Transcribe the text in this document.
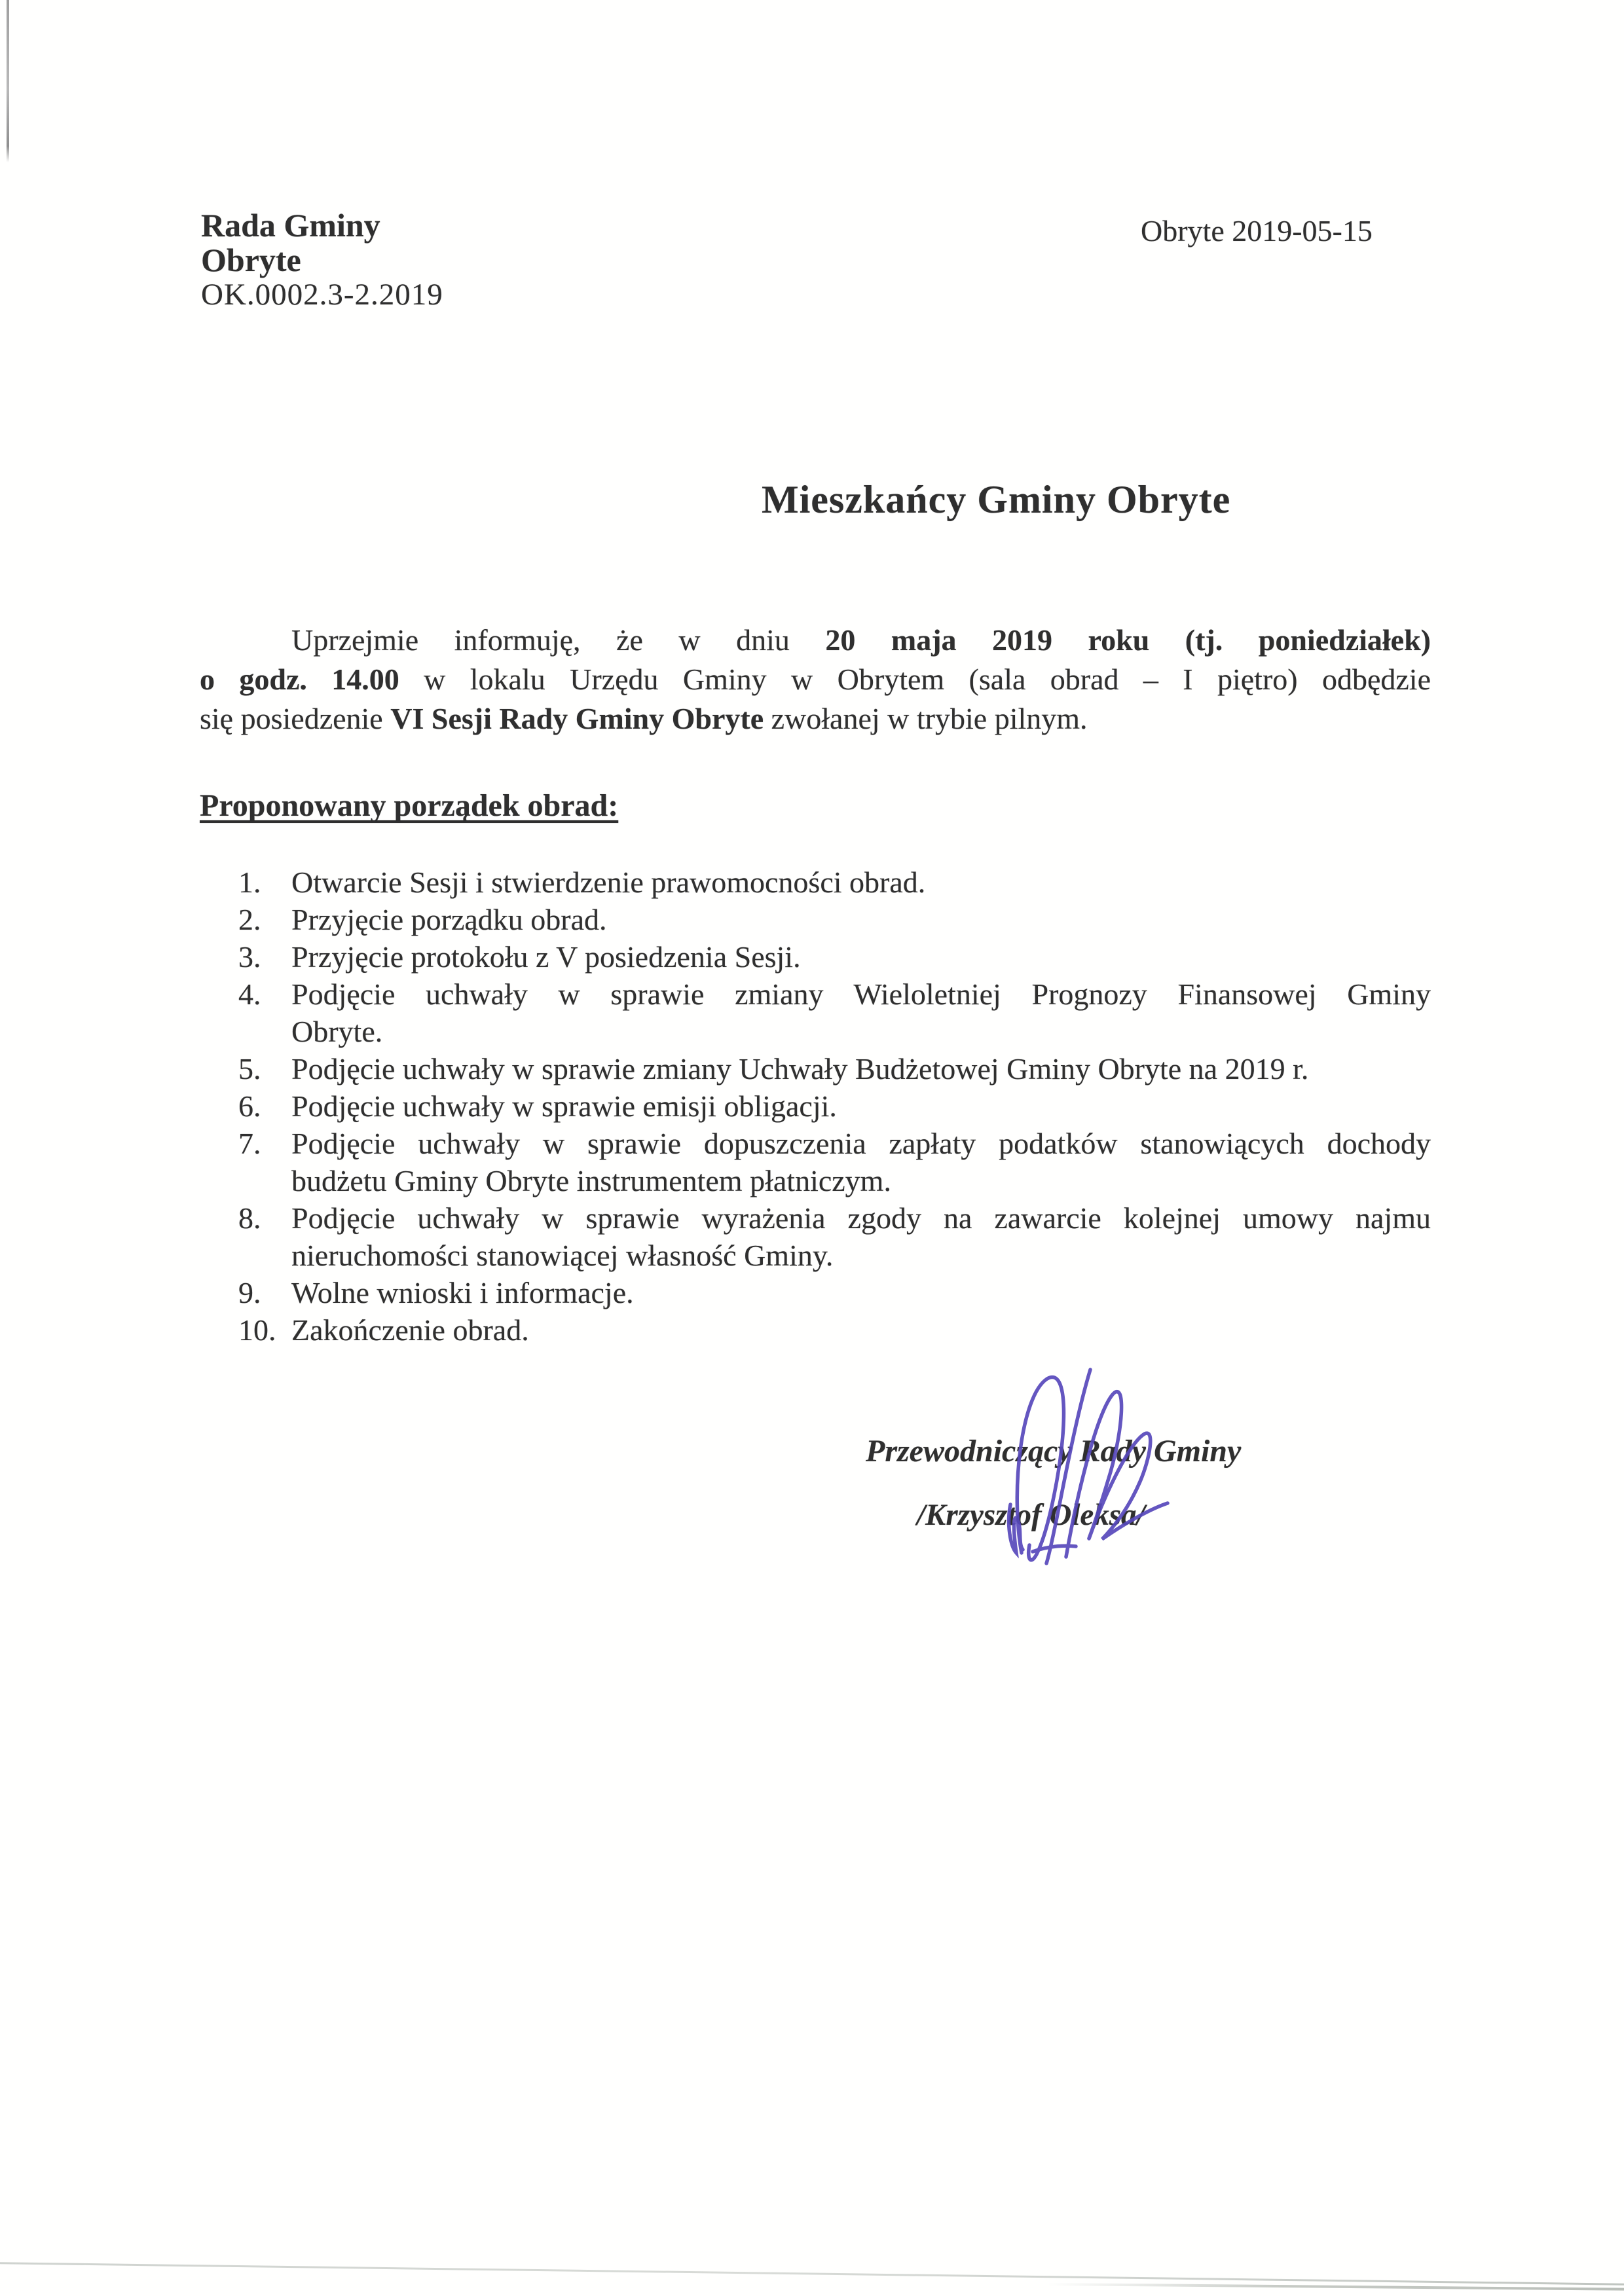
Rada Gminy
Obryte
OK.0002.3-2.2019
Obryte 2019-05-15
Mieszkańcy Gminy Obryte
Uprzejmie informuję, że w dniu 20 maja 2019 roku (tj. poniedziałek)
o godz. 14.00 w lokalu Urzędu Gminy w Obrytem (sala obrad – I piętro) odbędzie
się posiedzenie VI Sesji Rady Gminy Obryte zwołanej w trybie pilnym.
Proponowany porządek obrad:
1. Otwarcie Sesji i stwierdzenie prawomocności obrad.
2. Przyjęcie porządku obrad.
3. Przyjęcie protokołu z V posiedzenia Sesji.
4. Podjęcie uchwały w sprawie zmiany Wieloletniej Prognozy Finansowej Gminy
Obryte.
5. Podjęcie uchwały w sprawie zmiany Uchwały Budżetowej Gminy Obryte na 2019 r.
6. Podjęcie uchwały w sprawie emisji obligacji.
7. Podjęcie uchwały w sprawie dopuszczenia zapłaty podatków stanowiących dochody
budżetu Gminy Obryte instrumentem płatniczym.
8. Podjęcie uchwały w sprawie wyrażenia zgody na zawarcie kolejnej umowy najmu
nieruchomości stanowiącej własność Gminy.
9. Wolne wnioski i informacje.
10. Zakończenie obrad.
Przewodniczący Rady Gminy
/Krzysztof Oleksa/
